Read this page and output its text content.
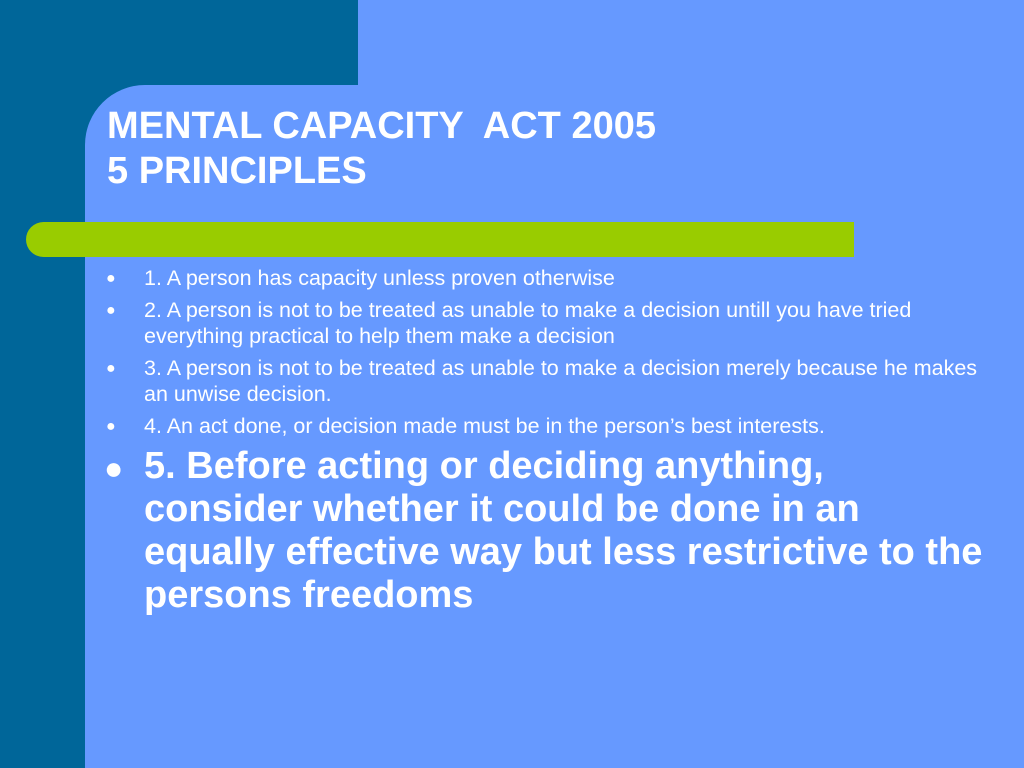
MENTAL CAPACITY  ACT 2005
5 PRINCIPLES
● 1. A person has capacity unless proven otherwise
● 2. A person is not to be treated as unable to make a decision untill you have tried everything practical to help them make a decision
● 3. A person is not to be treated as unable to make a decision merely because he makes an unwise decision.
● 4. An act done, or decision made must be in the person’s best interests.
● 5. Before acting or deciding anything, consider whether it could be done in an equally effective way but less restrictive to the persons freedoms
